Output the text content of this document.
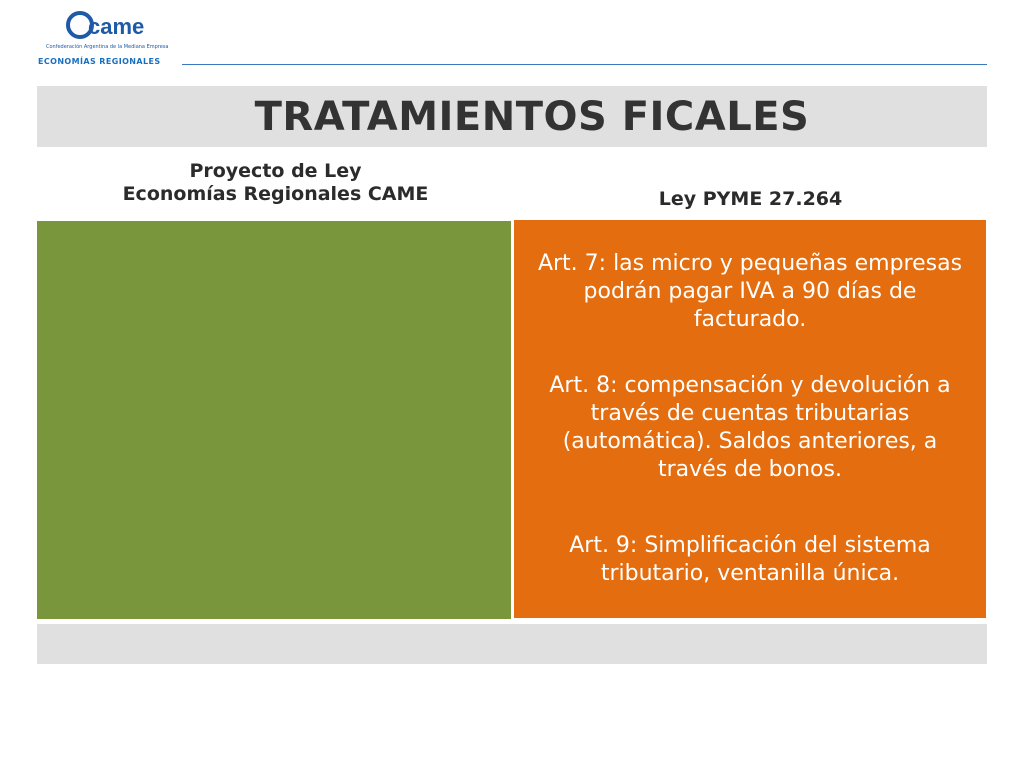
came
Confederación Argentina de la Mediana Empresa
ECONOMÍAS REGIONALES
TRATAMIENTOS FICALES
Proyecto de Ley
Economías Regionales CAME	Ley PYME 27.264
Art. 7: las micro y pequeñas empresas podrán pagar IVA a 90 días de facturado.
Art. 8: compensación y devolución a través de cuentas tributarias (automática). Saldos anteriores, a través de bonos.
Art. 9: Simplificación del sistema tributario, ventanilla única.
